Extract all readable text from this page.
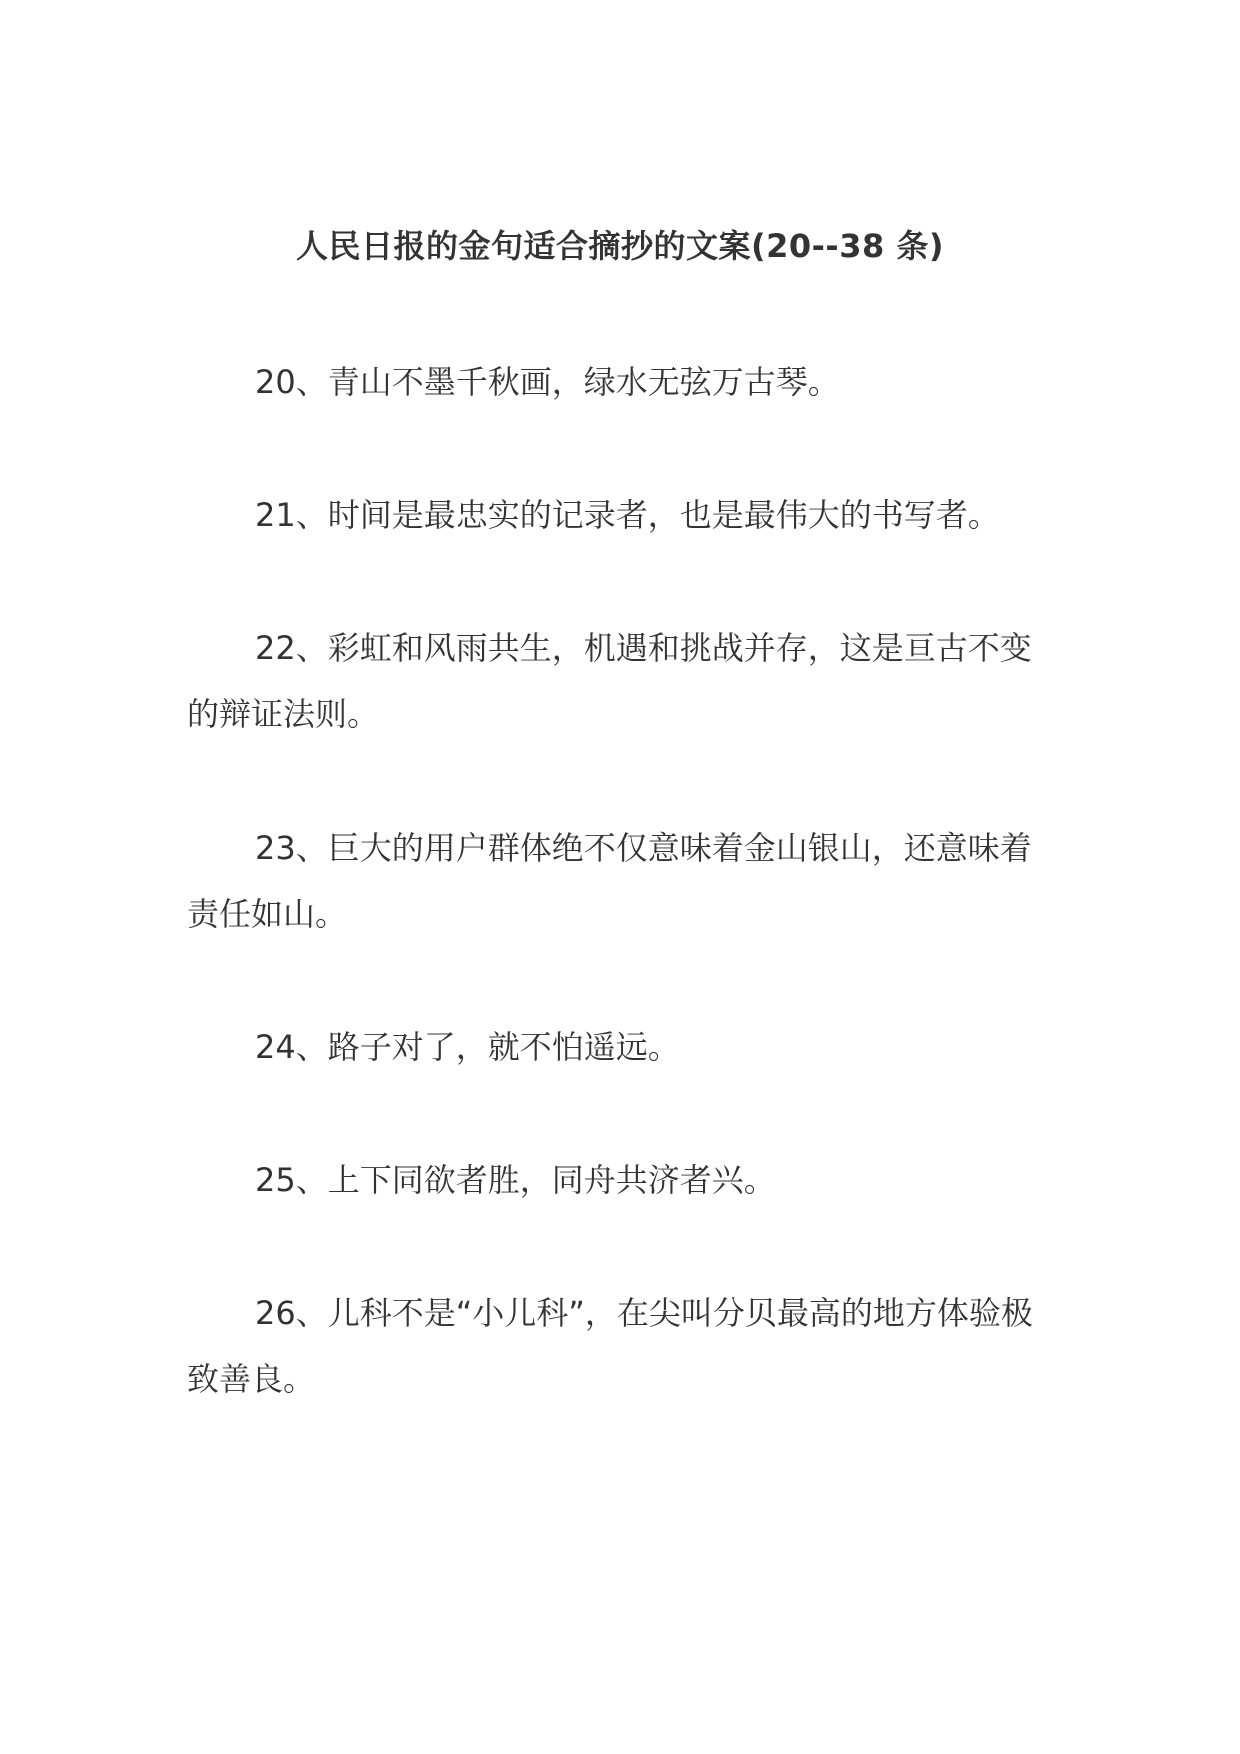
人民日报的金句适合摘抄的文案(20--38 条)
20、青山不墨千秋画，绿水无弦万古琴。
21、时间是最忠实的记录者，也是最伟大的书写者。
22、彩虹和风雨共生，机遇和挑战并存，这是亘古不变的辩证法则。
23、巨大的用户群体绝不仅意味着金山银山，还意味着责任如山。
24、路子对了，就不怕遥远。
25、上下同欲者胜，同舟共济者兴。
26、儿科不是“小儿科”，在尖叫分贝最高的地方体验极致善良。
